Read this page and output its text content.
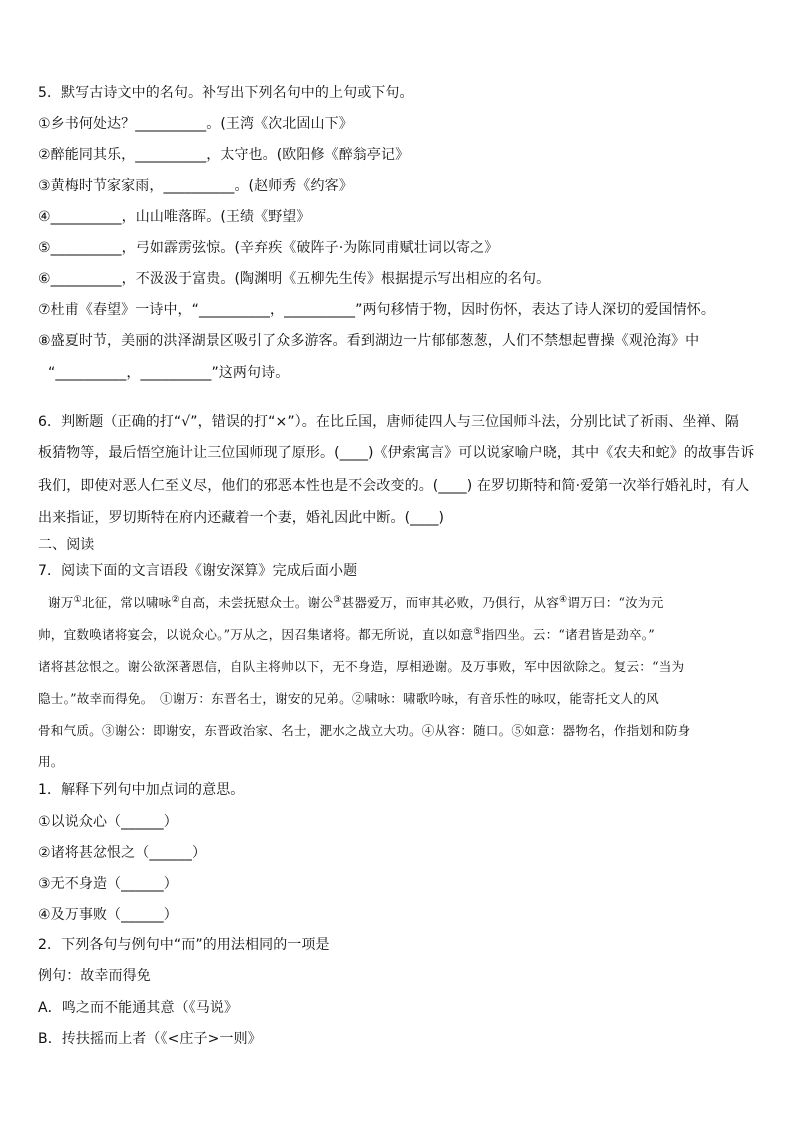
5．默写古诗文中的名句。补写出下列名句中的上句或下句。
①乡书何处达？__________。(王湾《次北固山下》
②醉能同其乐，__________，太守也。(欧阳修《醉翁亭记》
③黄梅时节家家雨，__________。(赵师秀《约客》
④__________，山山唯落晖。(王绩《野望》
⑤__________，弓如霹雳弦惊。(辛弃疾《破阵子·为陈同甫赋壮词以寄之》
⑥__________，不汲汲于富贵。(陶渊明《五柳先生传》根据提示写出相应的名句。
⑦杜甫《春望》一诗中，“__________，__________”两句移情于物，因时伤怀，表达了诗人深切的爱国情怀。
⑧盛夏时节，美丽的洪泽湖景区吸引了众多游客。看到湖边一片郁郁葱葱，人们不禁想起曹操《观沧海》中
“__________，__________”这两句诗。
6．判断题（正确的打“√”，错误的打“×”）。在比丘国，唐师徒四人与三位国师斗法，分别比试了祈雨、坐禅、隔
板猜物等，最后悟空施计让三位国师现了原形。(____)《伊索寓言》可以说家喻户晓，其中《农夫和蛇》的故事告诉
我们，即使对恶人仁至义尽，他们的邪恶本性也是不会改变的。(____) 在罗切斯特和简·爱第一次举行婚礼时，有人
出来指证，罗切斯特在府内还藏着一个妻，婚礼因此中断。(____)
二、阅读
7．阅读下面的文言语段《谢安深算》完成后面小题
谢万①北征，常以啸咏②自高，未尝抚慰众士。谢公③甚器爱万，而审其必败，乃俱行，从容④谓万曰：“汝为元
帅，宜数唤诸将宴会，以说众心。”万从之，因召集诸将。都无所说，直以如意⑤指四坐。云：“诸君皆是劲卒。”
诸将甚忿恨之。谢公欲深著恩信，自队主将帅以下，无不身造，厚相逊谢。及万事败，军中因欲除之。复云：“当为
隐士。”故幸而得免。　①谢万：东晋名士，谢安的兄弟。②啸咏：啸歌吟咏，有音乐性的咏叹，能寄托文人的风
骨和气质。③谢公：即谢安，东晋政治家、名士，淝水之战立大功。④从容：随口。⑤如意：器物名，作指划和防身
用。
1．解释下列句中加点词的意思。
①以说众心（______）
②诸将甚忿恨之（______）
③无不身造（______）
④及万事败（______）
2．下列各句与例句中“而”的用法相同的一项是
例句：故幸而得免
A．鸣之而不能通其意（《马说》
B．抟扶摇而上者（《<庄子>一则》
